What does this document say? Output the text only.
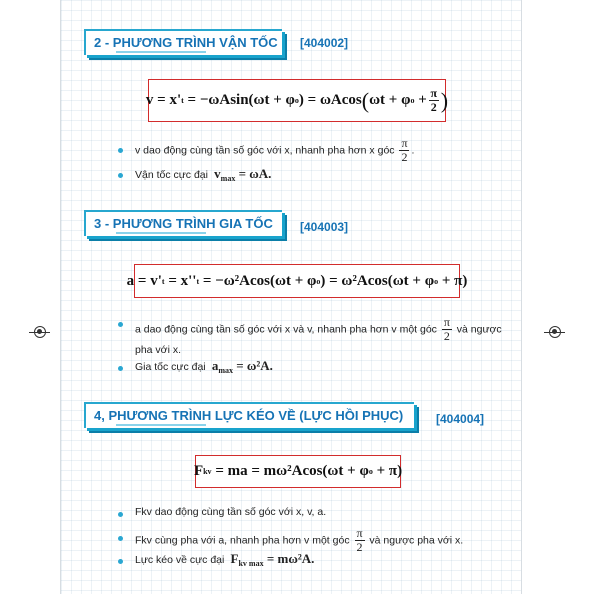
2 - PHƯƠNG TRÌNH VẬN TỐC	[404002]
v = x' t = −ωAsin(ωt + φ o ) = ωAcos ( ωt + φ $o + \frac{\pi}{2}$ )
v dao động cùng tần số góc với x, nhanh pha hơn x góc $\frac{\pi}{2}$ .
Vận tốc cực đại  $v_{max} = \omega A$.
3 - PHƯƠNG TRÌNH GIA TỐC	[404003]
a = v' t = x'' t = −ω²Acos(ωt + φ o ) = ω²Acos(ωt + φ o + π)
a dao động cùng tần số góc với x và v, nhanh pha hơn v một góc $\frac{\pi}{2}$ và ngược pha với x.
Gia tốc cực đại  $a_{max} = \omega^2A$.
4, PHƯƠNG TRÌNH LỰC KÉO VỀ (LỰC HỒI PHỤC)	[404004]
F kv = ma = mω²Acos(ωt + φ o + π)
Fkv dao động cùng tần số góc với x, v, a.
Fkv cùng pha với a, nhanh pha hơn v một góc $\frac{\pi}{2}$ và ngược pha với x.
Lực kéo về cực đại  $F_{kv max} = m\omega^2A$.
